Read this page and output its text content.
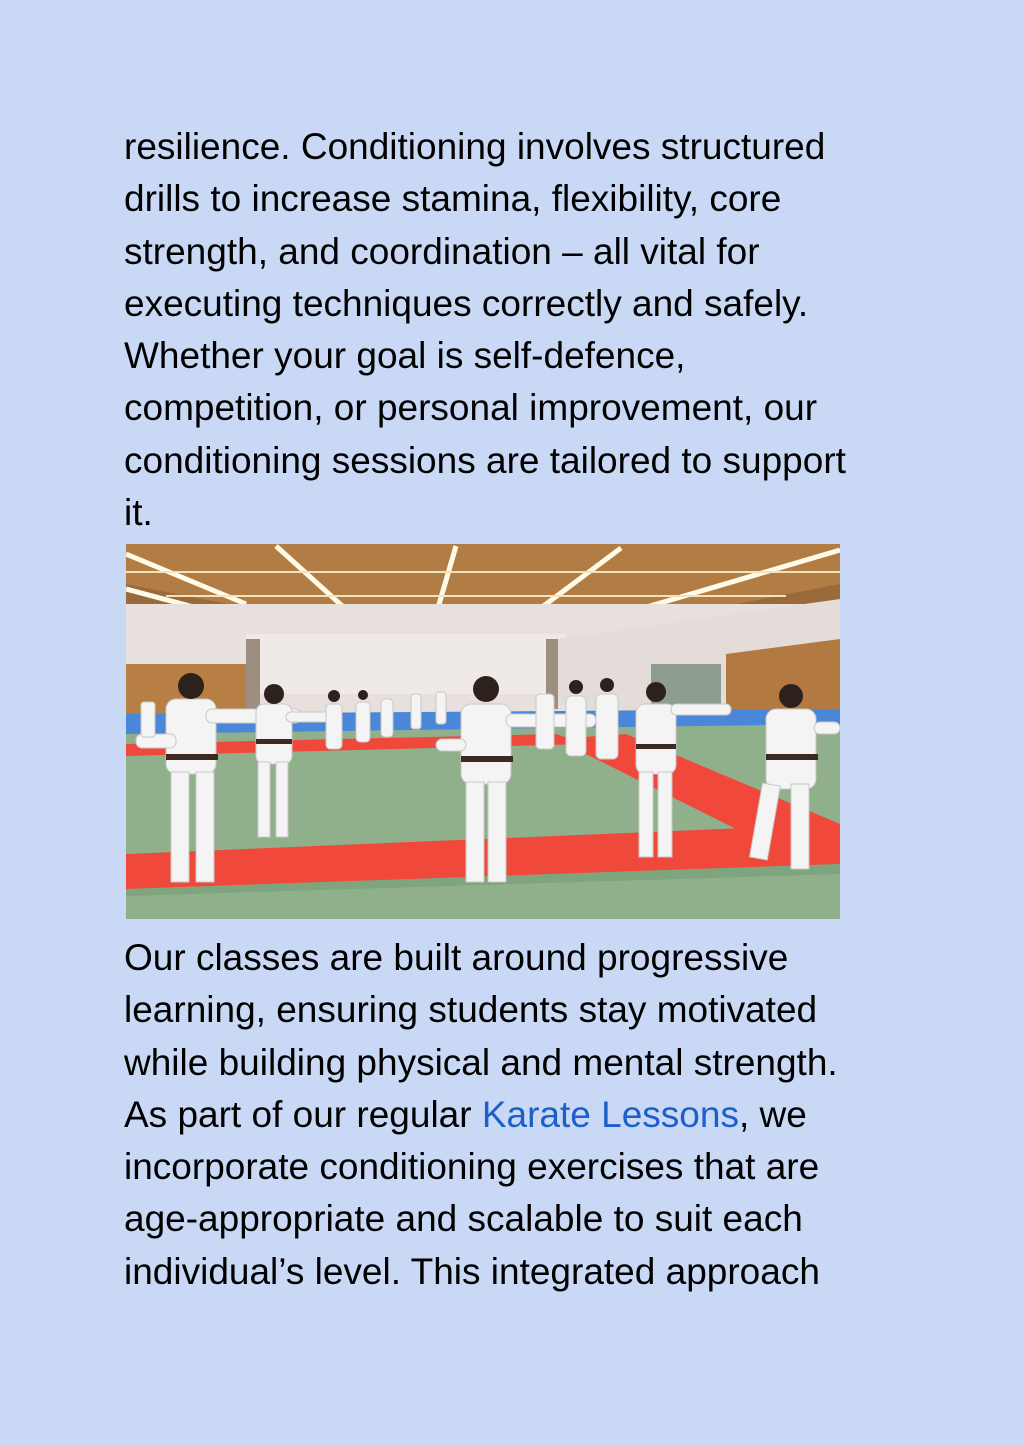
resilience. Conditioning involves structured
drills to increase stamina, flexibility, core
strength, and coordination – all vital for
executing techniques correctly and safely.
Whether your goal is self-defence,
competition, or personal improvement, our
conditioning sessions are tailored to support
it.

Our classes are built around progressive
learning, ensuring students stay motivated
while building physical and mental strength.
As part of our regular Karate Lessons, we
incorporate conditioning exercises that are
age-appropriate and scalable to suit each
individual’s level. This integrated approach
